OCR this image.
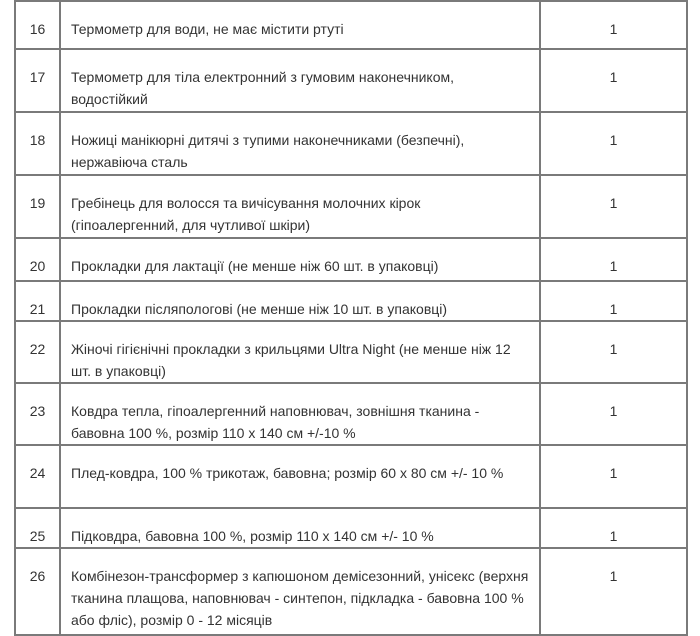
16	Термометр для води, не має містити ртуті	1
17	Термометр для тіла електронний з гумовим наконечником, водостійкий	1
18	Ножиці манікюрні дитячі з тупими наконечниками (безпечні), нержавіюча сталь	1
19	Гребінець для волосся та вичісування молочних кірок (гіпоалергенний, для чутливої шкіри)	1
20	Прокладки для лактації (не менше ніж 60 шт. в упаковці)	1
21	Прокладки післяпологові (не менше ніж 10 шт. в упаковці)	1
22	Жіночі гігієнічні прокладки з крильцями Ultra Night (не менше ніж 12 шт. в упаковці)	1
23	Ковдра тепла, гіпоалергенний наповнювач, зовнішня тканина - бавовна 100 %, розмір 110 х 140 см +/-10 %	1
24	Плед-ковдра, 100 % трикотаж, бавовна; розмір 60 х 80 см +/- 10 %	1
25	Підковдра, бавовна 100 %, розмір 110 х 140 см +/- 10 %	1
26	Комбінезон-трансформер з капюшоном демісезонний, унісекс (верхня тканина плащова, наповнювач - синтепон, підкладка - бавовна 100 % або фліс), розмір 0 - 12 місяців	1
